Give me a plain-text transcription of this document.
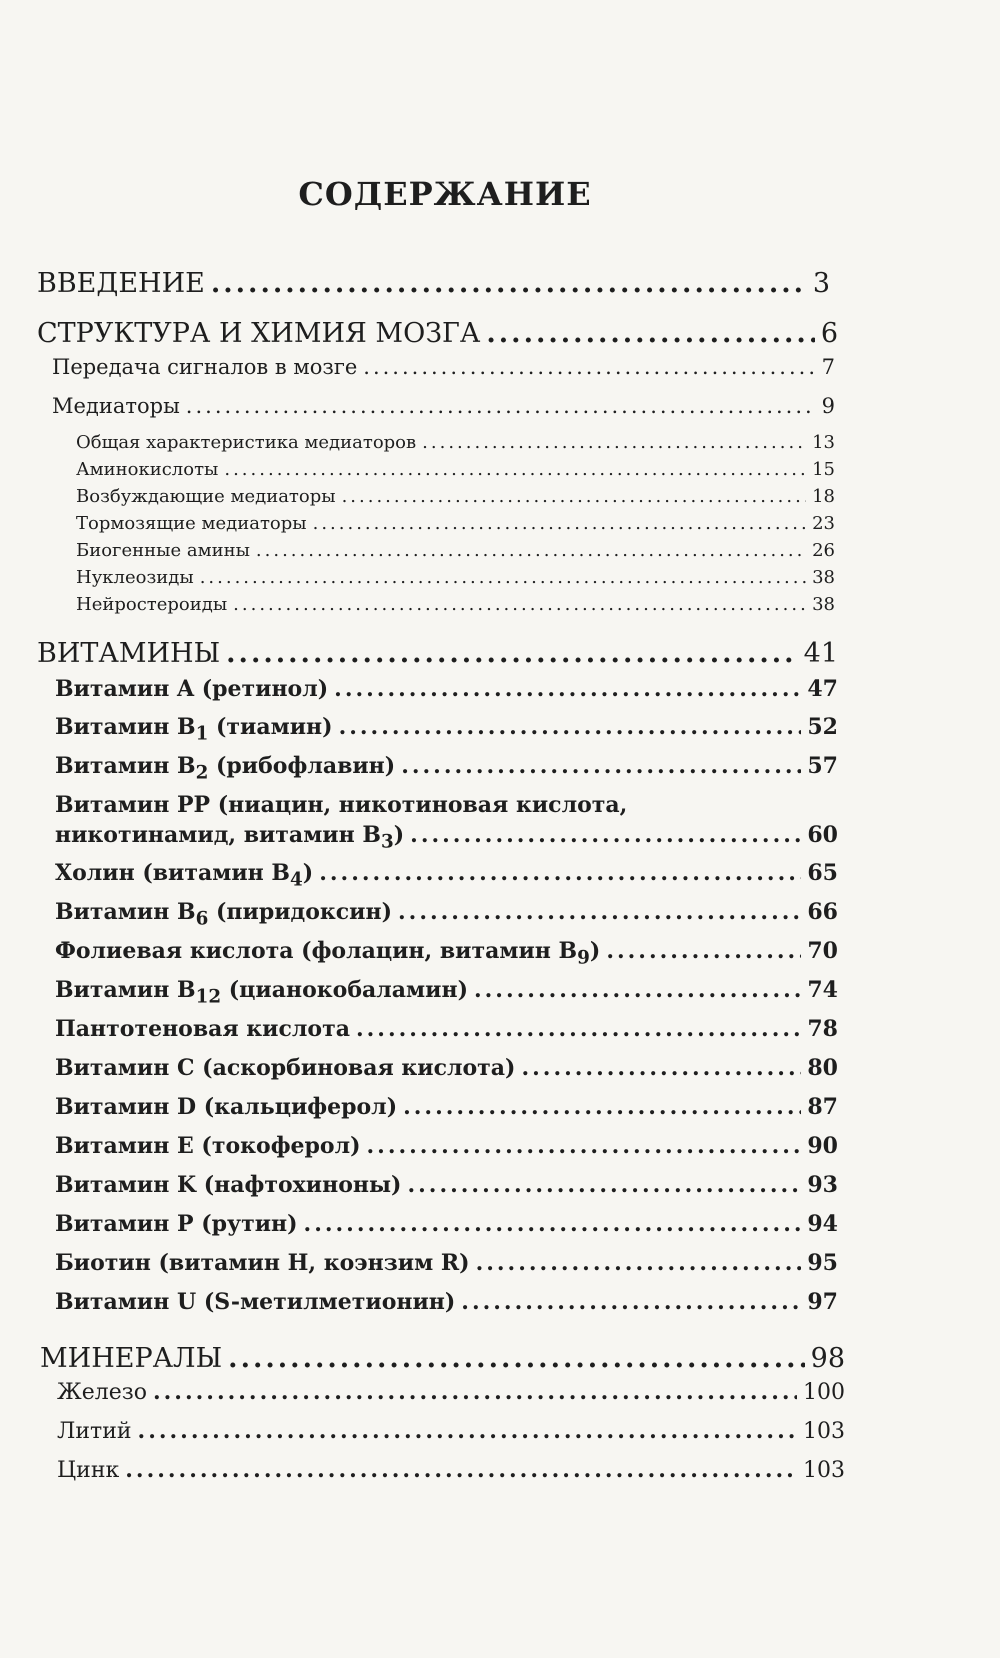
СОДЕРЖАНИЕ
ВВЕДЕНИЕ .....	3
СТРУКТУРА И ХИМИЯ МОЗГА .....	6
Передача сигналов в мозге .....	7
Медиаторы .....	9
Общая характеристика медиаторов .....	13
Аминокислоты .....	15
Возбуждающие медиаторы .....	18
Тормозящие медиаторы .....	23
Биогенные амины .....	26
Нуклеозиды .....	38
Нейростероиды .....	38
ВИТАМИНЫ .....	41
Витамин A (ретинол) .....	47
Витамин $B_1$ (тиамин) .....	52
Витамин $B_2$ (рибофлавин) .....	57
Витамин PP (ниацин, никотиновая кислота,
никотинамид, витамин $B_3$) .....	60
Холин (витамин $B_4$) .....	65
Витамин $B_6$ (пиридоксин) .....	66
Фолиевая кислота (фолацин, витамин $B_9$) .....	70
Витамин $B_{12}$ (цианокобаламин) .....	74
Пантотеновая кислота .....	78
Витамин C (аскорбиновая кислота) .....	80
Витамин D (кальциферол) .....	87
Витамин E (токоферол) .....	90
Витамин K (нафтохиноны) .....	93
Витамин P (рутин) .....	94
Биотин (витамин H, коэнзим R) .....	95
Витамин U (S-метилметионин) .....	97
МИНЕРАЛЫ .....	98
Железо .....	100
Литий .....	103
Цинк .....	103
